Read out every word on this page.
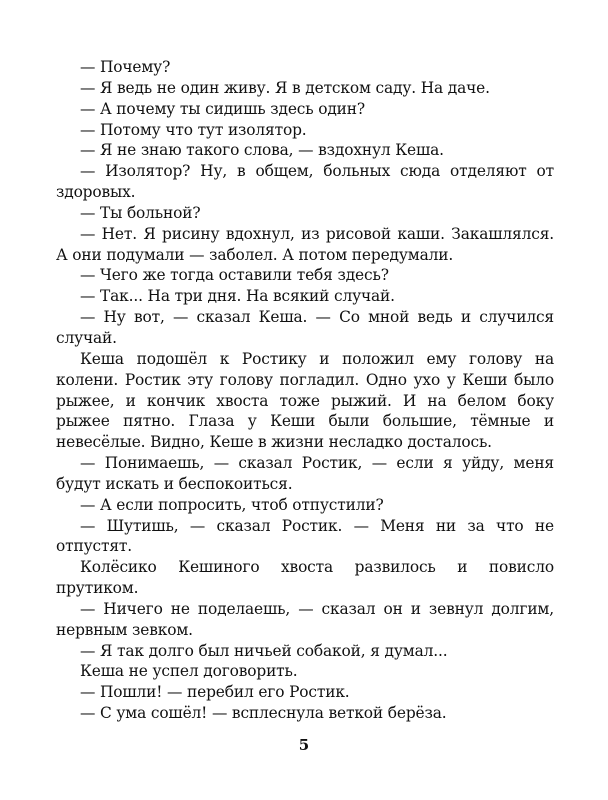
— Почему?

— Я ведь не один живу. Я в детском саду. На даче.

— А почему ты сидишь здесь один?

— Потому что тут изолятор.

— Я не знаю такого слова, — вздохнул Кеша.

— Изолятор? Ну, в общем, больных сюда отделяют от здоровых.

— Ты больной?

— Нет. Я рисину вдохнул, из рисовой каши. Закашлялся. А они подумали — заболел. А потом передумали.

— Чего же тогда оставили тебя здесь?

— Так... На три дня. На всякий случай.

— Ну вот, — сказал Кеша. — Со мной ведь и случился случай.

Кеша подошёл к Ростику и положил ему голову на колени. Ростик эту голову погладил. Одно ухо у Кеши было рыжее, и кончик хвоста тоже рыжий. И на белом боку рыжее пятно. Глаза у Кеши были большие, тёмные и невесёлые. Видно, Кеше в жизни несладко досталось.

— Понимаешь, — сказал Ростик, — если я уйду, меня будут искать и беспокоиться.

— А если попросить, чтоб отпустили?

— Шутишь, — сказал Ростик. — Меня ни за что не отпустят.

Колёсико Кешиного хвоста развилось и повисло прутиком.

— Ничего не поделаешь, — сказал он и зевнул долгим, нервным зевком.

— Я так долго был ничьей собакой, я думал...

Кеша не успел договорить.

— Пошли! — перебил его Ростик.

— С ума сошёл! — всплеснула веткой берёза.

5
